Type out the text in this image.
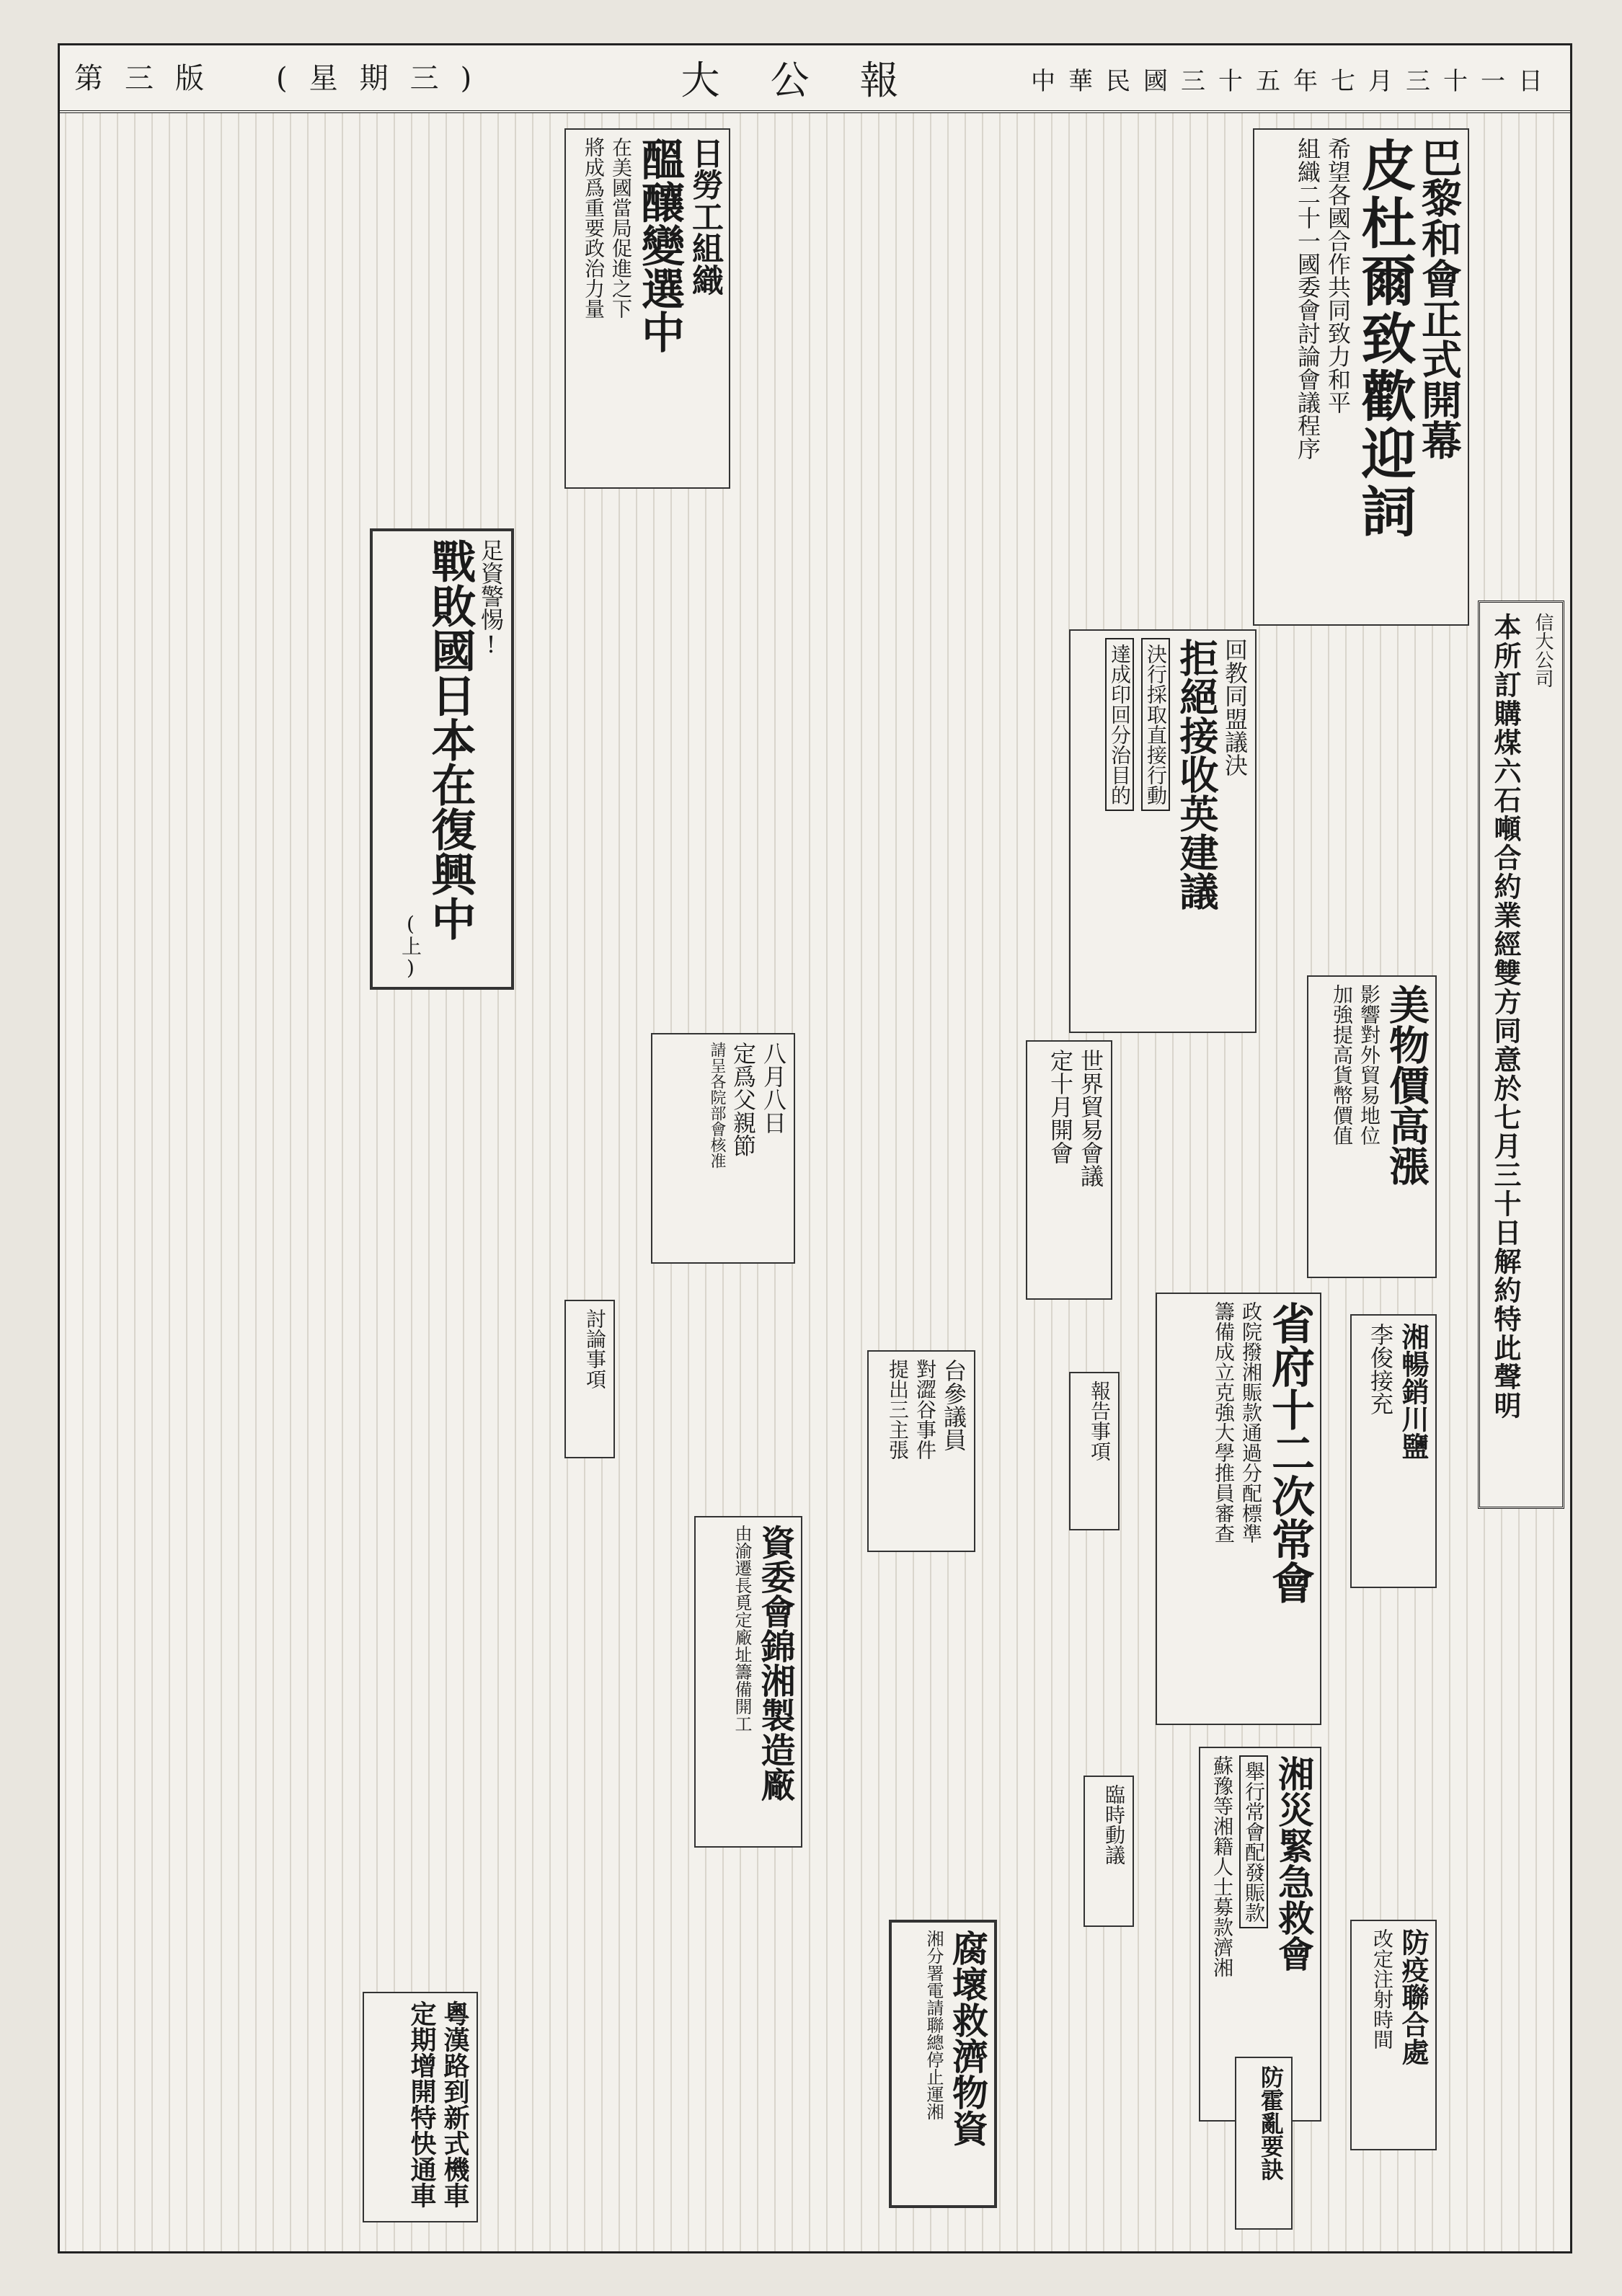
中華民國三十五年七月三十一日
大公報
(星期三)
第三版
巴黎和會正式開幕
皮杜爾致歡迎詞
希望各國合作共同致力和平
組織二十一國委會討論會議程序
日勞工組織
醞釀變選中
在美國當局促進之下
將成爲重要政治力量
足資警惕!
戰敗國日本在復興中
(上)
回教同盟議決
拒絕接收英建議
決行採取直接行動
達成印回分治目的
世界貿易會議
定十月開會
八月八日
定爲父親節
請呈各院部會核准	美物價高漲
影響對外貿易地位
加強提高貨幣價值
台參議員
對澀谷事件
提出三主張	省府十二次常會
政院撥湘賑款通過分配標準
籌備成立克強大學推員審查	湘暢銷川鹽
李俊接充
報告事項
討論事項
臨時動議
資委會錦湘製造廠
由渝遷長覓定廠址籌備開工
湘災緊急救會
舉行常會配發賑款
蘇豫等湘籍人士募款濟湘
腐壞救濟物資
湘分署電請聯總停止運湘
粵漢路到新式機車
定期增開特快通車
防疫聯合處
改定注射時間
防霍亂要訣
信大公司
本所訂購煤六石噸合約業經雙方同意於七月三十日解約特此聲明
